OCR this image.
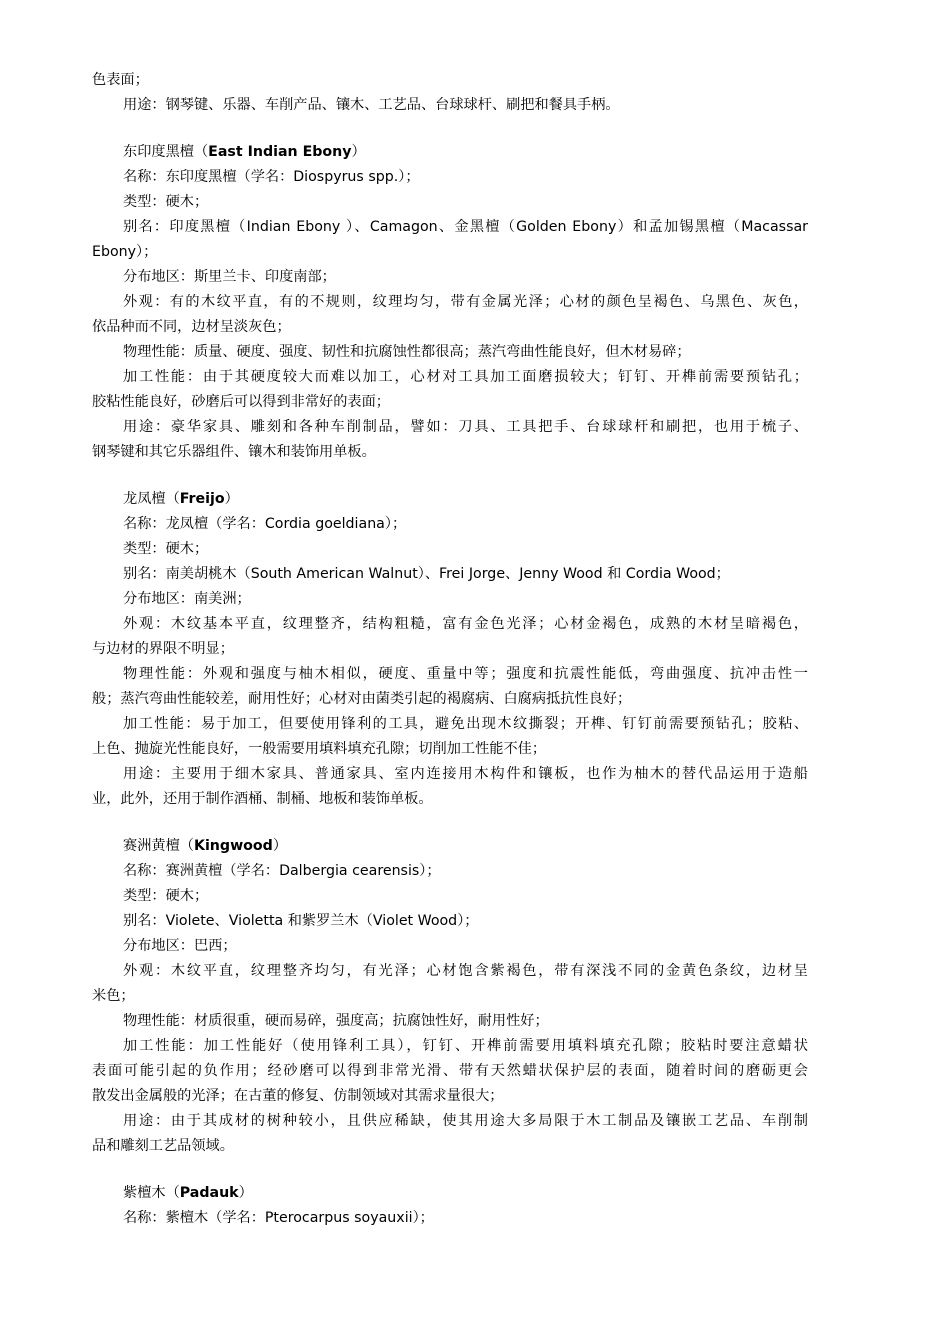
色表面；
用途：钢琴键、乐器、车削产品、镶木、工艺品、台球球杆、刷把和餐具手柄。
东印度黑檀（East Indian Ebony）
名称：东印度黑檀（学名：Diospyrus spp.）；
类型：硬木；
别名：印度黑檀（Indian Ebony ）、Camagon、金黑檀（Golden Ebony）和孟加锡黑檀（Macassar
Ebony）；
分布地区：斯里兰卡、印度南部；
外观：有的木纹平直，有的不规则，纹理均匀，带有金属光泽；心材的颜色呈褐色、乌黑色、灰色，
依品种而不同，边材呈淡灰色；
物理性能：质量、硬度、强度、韧性和抗腐蚀性都很高；蒸汽弯曲性能良好，但木材易碎；
加工性能：由于其硬度较大而难以加工，心材对工具加工面磨损较大；钉钉、开榫前需要预钻孔；
胶粘性能良好，砂磨后可以得到非常好的表面；
用途：豪华家具、雕刻和各种车削制品，譬如：刀具、工具把手、台球球杆和刷把，也用于梳子、
钢琴键和其它乐器组件、镶木和装饰用单板。
龙凤檀（Freijo）
名称：龙凤檀（学名：Cordia goeldiana）；
类型：硬木；
别名：南美胡桃木（South American Walnut）、Frei Jorge、Jenny Wood 和 Cordia Wood；
分布地区：南美洲；
外观：木纹基本平直，纹理整齐，结构粗糙，富有金色光泽；心材金褐色，成熟的木材呈暗褐色，
与边材的界限不明显；
物理性能：外观和强度与柚木相似，硬度、重量中等；强度和抗震性能低，弯曲强度、抗冲击性一
般；蒸汽弯曲性能较差，耐用性好；心材对由菌类引起的褐腐病、白腐病抵抗性良好；
加工性能：易于加工，但要使用锋利的工具，避免出现木纹撕裂；开榫、钉钉前需要预钻孔；胶粘、
上色、抛旋光性能良好，一般需要用填料填充孔隙；切削加工性能不佳；
用途：主要用于细木家具、普通家具、室内连接用木构件和镶板，也作为柚木的替代品运用于造船
业，此外，还用于制作酒桶、制桶、地板和装饰单板。
赛洲黄檀（Kingwood）
名称：赛洲黄檀（学名：Dalbergia cearensis）；
类型：硬木；
别名：Violete、Violetta 和紫罗兰木（Violet Wood）；
分布地区：巴西；
外观：木纹平直，纹理整齐均匀，有光泽；心材饱含紫褐色，带有深浅不同的金黄色条纹，边材呈
米色；
物理性能：材质很重，硬而易碎，强度高；抗腐蚀性好，耐用性好；
加工性能：加工性能好（使用锋利工具），钉钉、开榫前需要用填料填充孔隙；胶粘时要注意蜡状
表面可能引起的负作用；经砂磨可以得到非常光滑、带有天然蜡状保护层的表面，随着时间的磨砺更会
散发出金属般的光泽；在古董的修复、仿制领域对其需求量很大；
用途：由于其成材的树种较小，且供应稀缺，使其用途大多局限于木工制品及镶嵌工艺品、车削制
品和雕刻工艺品领域。
紫檀木（Padauk）
名称：紫檀木（学名：Pterocarpus soyauxii）；
